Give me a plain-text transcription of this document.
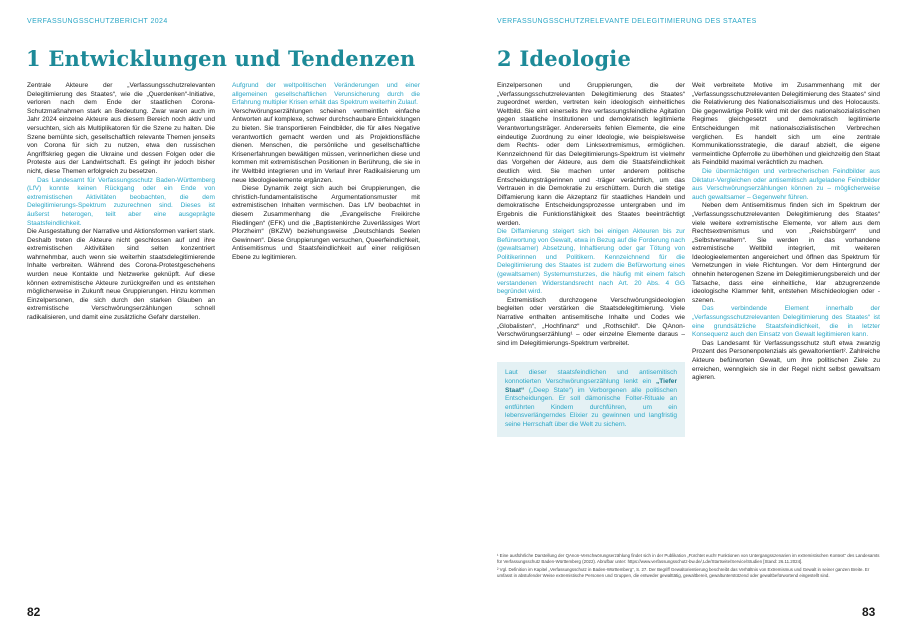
VERFASSUNGSSCHUTZBERICHT 2024
1 Entwicklungen und Tendenzen

Zentrale Akteure der „Verfassungsschutzrelevanten Delegitimierung des Staates“, wie die „Querdenken“-Initiative, verloren nach dem Ende der staatlichen Corona-Schutzmaßnahmen stark an Bedeutung. Zwar waren auch im Jahr 2024 einzelne Akteure aus diesem Bereich noch aktiv und versuchten, sich als Multiplikatoren für die Szene zu halten. Die Szene bemühte sich, gesellschaftlich relevante Themen jenseits von Corona für sich zu nutzen, etwa den russischen Angriffskrieg gegen die Ukraine und dessen Folgen oder die Proteste aus der Landwirtschaft. Es gelingt ihr jedoch bisher nicht, diese Themen erfolgreich zu besetzen.

Das Landesamt für Verfassungsschutz Baden-Württemberg (LfV) konnte keinen Rückgang oder ein Ende von extremistischen Aktivitäten beobachten, die dem Delegitimierungs-Spektrum zuzurechnen sind. Dieses ist äußerst heterogen, teilt aber eine ausgeprägte Staatsfeindlichkeit.

Die Ausgestaltung der Narrative und Aktionsformen variiert stark. Deshalb treten die Akteure nicht geschlossen auf und ihre extremistischen Aktivitäten sind selten konzentriert wahrnehmbar, auch wenn sie weiterhin staatsdelegitimierende Inhalte verbreiten. Während des Corona-Protestgeschehens wurden neue Kontakte und Netzwerke geknüpft. Auf diese können extremistische Akteure zurückgreifen und es entstehen möglicherweise in Zukunft neue Gruppierungen. Hinzu kommen Einzelpersonen, die sich durch den starken Glauben an extremistische Verschwörungserzählungen schnell radikalisieren, und damit eine zusätzliche Gefahr darstellen.

Aufgrund der weltpolitischen Veränderungen und einer allgemeinen gesellschaftlichen Verunsicherung durch die Erfahrung multipler Krisen erhält das Spektrum weiterhin Zulauf.

Verschwörungserzählungen scheinen vermeintlich einfache Antworten auf komplexe, schwer durchschaubare Entwicklungen zu bieten. Sie transportieren Feindbilder, die für alles Negative verantwortlich gemacht werden und als Projektionsfläche dienen. Menschen, die persönliche und gesellschaftliche Krisenerfahrungen bewältigen müssen, verinnerlichen diese und kommen mit extremistischen Positionen in Berührung, die sie in ihr Weltbild integrieren und im Verlauf ihrer Radikalisierung um neue Ideologieelemente ergänzen.

Diese Dynamik zeigt sich auch bei Gruppierungen, die christlich-fundamentalistische Argumentationsmuster mit extremistischen Inhalten vermischen. Das LfV beobachtet in diesem Zusammenhang die „Evangelische Freikirche Riedlingen“ (EFK) und die „Baptistenkirche Zuverlässiges Wort Pforzheim“ (BKZW) beziehungsweise „Deutschlands Seelen Gewinnen“. Diese Gruppierungen versuchen, Queerfeindlichkeit, Antisemitismus und Staatsfeindlichkeit auf einer religiösen Ebene zu legitimieren.

82
VERFASSUNGSSCHUTZRELEVANTE DELEGITIMIERUNG DES STAATES
2 Ideologie

Einzelpersonen und Gruppierungen, die der „Verfassungsschutzrelevanten Delegitimierung des Staates“ zugeordnet werden, vertreten kein ideologisch einheitliches Weltbild. Sie eint einerseits ihre verfassungsfeindliche Agitation gegen staatliche Institutionen und demokratisch legitimierte Verantwortungsträger. Andererseits fehlen Elemente, die eine eindeutige Zuordnung zu einer Ideologie, wie beispielsweise dem Rechts- oder dem Linksextremismus, ermöglichen. Kennzeichnend für das Delegitimierungs-Spektrum ist vielmehr das Vorgehen der Akteure, aus dem die Staatsfeindlichkeit deutlich wird. Sie machen unter anderem politische Entscheidungsträgerinnen und -träger verächtlich, um das Vertrauen in die Demokratie zu erschüttern. Durch die stetige Diffamierung kann die Akzeptanz für staatliches Handeln und demokratische Entscheidungsprozesse untergraben und im Ergebnis die Funktionsfähigkeit des Staates beeinträchtigt werden.

Die Diffamierung steigert sich bei einigen Akteuren bis zur Befürwortung von Gewalt, etwa in Bezug auf die Forderung nach (gewaltsamer) Absetzung, Inhaftierung oder gar Tötung von Politikerinnen und Politikern. Kennzeichnend für die Delegitimierung des Staates ist zudem die Befürwortung eines (gewaltsamen) Systemumsturzes, die häufig mit einem falsch verstandenen Widerstandsrecht nach Art. 20 Abs. 4 GG begründet wird.

Extremistisch durchzogene Verschwörungsideologien begleiten oder verstärken die Staatsdelegitimierung. Viele Narrative enthalten antisemitische Inhalte und Codes wie „Globalisten“, „Hochfinanz“ und „Rothschild“. Die QAnon-Verschwörungserzählung¹ – oder einzelne Elemente daraus – sind im Delegitimierungs-Spektrum verbreitet.

Laut dieser staatsfeindlichen und antisemitisch konnotierten Verschwörungserzählung lenkt ein „Tiefer Staat“ („Deep State“) im Verborgenen alle politischen Entscheidungen. Er soll dämonische Folter-Rituale an entführten Kindern durchführen, um ein lebensverlängerndes Elixier zu gewinnen und langfristig seine Herrschaft über die Welt zu sichern.

Weit verbreitete Motive im Zusammenhang mit der „Verfassungsschutzrelevanten Delegitimierung des Staates“ sind die Relativierung des Nationalsozialismus und des Holocausts. Die gegenwärtige Politik wird mit der des nationalsozialistischen Regimes gleichgesetzt und demokratisch legitimierte Entscheidungen mit nationalsozialistischen Verbrechen verglichen. Es handelt sich um eine zentrale Kommunikationsstrategie, die darauf abzielt, die eigene vermeintliche Opferrolle zu überhöhen und gleichzeitig den Staat als Feindbild maximal verächtlich zu machen.

Die übermächtigen und verbrecherischen Feindbilder aus Diktatur-Vergleichen oder antisemitisch aufgeladene Feindbilder aus Verschwörungserzählungen können zu – möglicherweise auch gewaltsamer – Gegenwehr führen.

Neben dem Antisemitismus finden sich im Spektrum der „Verfassungsschutzrelevanten Delegitimierung des Staates“ viele weitere extremistische Elemente, vor allem aus dem Rechtsextremismus und von „Reichsbürgern“ und „Selbstverwaltern“. Sie werden in das vorhandene extremistische Weltbild integriert, mit weiteren Ideologieelementen angereichert und öffnen das Spektrum für Vernetzungen in viele Richtungen. Vor dem Hintergrund der ohnehin heterogenen Szene im Delegitimierungsbereich und der Tatsache, dass eine einheitliche, klar abzugrenzende ideologische Klammer fehlt, entstehen Mischideologien oder -szenen.

Das verbindende Element innerhalb der „Verfassungsschutzrelevanten Delegitimierung des Staates“ ist eine grundsätzliche Staatsfeindlichkeit, die in letzter Konsequenz auch den Einsatz von Gewalt legitimieren kann.

Das Landesamt für Verfassungsschutz stuft etwa zwanzig Prozent des Personenpotenzials als gewaltorientiert². Zahlreiche Akteure befürworten Gewalt, um ihre politischen Ziele zu erreichen, wenngleich sie in der Regel nicht selbst gewaltsam agieren.

¹ Eine ausführliche Darstellung der QAnon-Verschwörungserzählung findet sich in der Publikation „Fürchtet euch! Funktionen von Untergangsszenarien im extremistischen Kontext“ des Landesamts für Verfassungsschutz Baden-Württemberg (2022). Abrufbar unter: https://www.verfassungsschutz-bw.de/,Lde/Startseite/Service/Studien [Stand: 26.11.2024].

² Vgl. Definition im Kapitel „Verfassungsschutz in Baden-Württemberg“, S. 27. Der Begriff Gewaltorientierung beschreibt das Verhältnis von Extremismus und Gewalt in seiner ganzen Breite. Er umfasst in abstufender Weise extremistische Personen und Gruppen, die entweder gewalttätig, gewaltbereit, gewaltunterstützend oder gewaltbefürwortend eingestellt sind.

83
